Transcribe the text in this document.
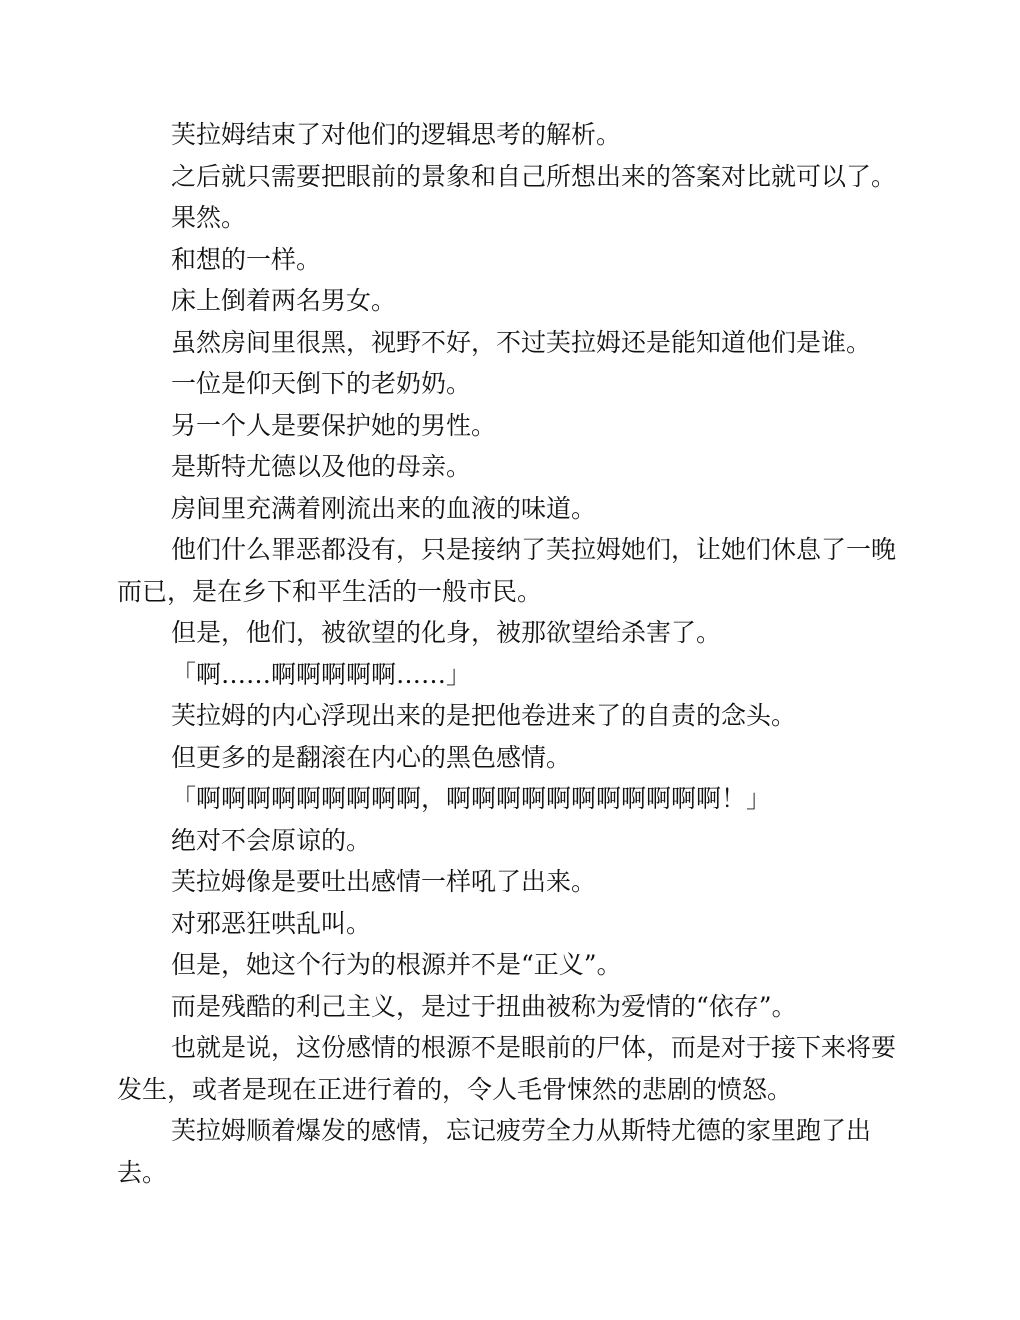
芙拉姆结束了对他们的逻辑思考的解析。

之后就只需要把眼前的景象和自己所想出来的答案对比就可以了。

果然。

和想的一样。

床上倒着两名男女。

虽然房间里很黑，视野不好，不过芙拉姆还是能知道他们是谁。

一位是仰天倒下的老奶奶。

另一个人是要保护她的男性。

是斯特尤德以及他的母亲。

房间里充满着刚流出来的血液的味道。

他们什么罪恶都没有，只是接纳了芙拉姆她们，让她们休息了一晚
而已，是在乡下和平生活的一般市民。

但是，他们，被欲望的化身，被那欲望给杀害了。

「啊……啊啊啊啊啊……」

芙拉姆的内心浮现出来的是把他卷进来了的自责的念头。

但更多的是翻滚在内心的黑色感情。

「啊啊啊啊啊啊啊啊啊，啊啊啊啊啊啊啊啊啊啊啊！」

绝对不会原谅的。

芙拉姆像是要吐出感情一样吼了出来。

对邪恶狂哄乱叫。

但是，她这个行为的根源并不是“正义”。

而是残酷的利己主义，是过于扭曲被称为爱情的“依存”。

也就是说，这份感情的根源不是眼前的尸体，而是对于接下来将要
发生，或者是现在正进行着的，令人毛骨悚然的悲剧的愤怒。

芙拉姆顺着爆发的感情，忘记疲劳全力从斯特尤德的家里跑了出
去。
